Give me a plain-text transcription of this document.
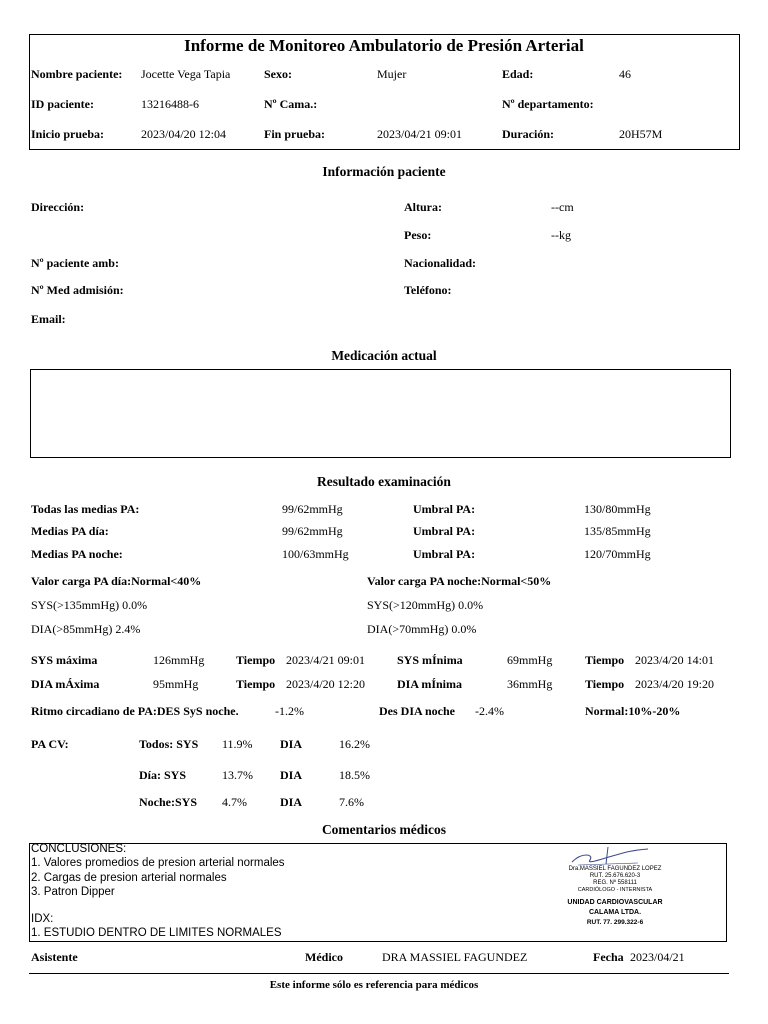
Informe de Monitoreo Ambulatorio de Presión Arterial
Nombre paciente: Jocette Vega Tapia	Sexo:	Mujer	Edad:	46
ID paciente:	13216488-6	Nº Cama.:	Nº departamento:
Inicio prueba:	2023/04/20 12:04	Fin prueba:	2023/04/21 09:01	Duración:	20H57M
Información paciente
Dirección:	Altura:	--cm
Peso:	--kg
Nº paciente amb:	Nacionalidad:
Nº Med admisión:	Teléfono:
Email:
Medicación actual
Resultado examinación
Todas las medias PA:	99/62mmHg	Umbral PA:	130/80mmHg
Medias PA día:	99/62mmHg	Umbral PA:	135/85mmHg
Medias PA noche:	100/63mmHg	Umbral PA:	120/70mmHg
Valor carga PA día:Normal<40%	Valor carga PA noche:Normal<50%
SYS(>135mmHg) 0.0%	SYS(>120mmHg) 0.0%
DIA(>85mmHg) 2.4%	DIA(>70mmHg) 0.0%
SYS máxima	126mmHg	Tiempo 2023/4/21 09:01	SYS mÍnima	69mmHg	Tiempo 2023/4/20 14:01
DIA mÁxima	95mmHg	Tiempo 2023/4/20 12:20	DIA mÍnima	36mmHg	Tiempo 2023/4/20 19:20
Ritmo circadiano de PA:DES SyS noche.	-1.2%	Des DIA noche -2.4%	Normal:10%-20%
PA CV:	Todos: SYS 11.9% DIA	16.2%
Día: SYS	13.7% DIA	18.5%
Noche:SYS 4.7%	DIA	7.6%
Comentarios médicos
CONCLUSIONES:
1. Valores promedios de presion arterial normales
2. Cargas de presion arterial normales
3. Patron Dipper
IDX:
1. ESTUDIO DENTRO DE LIMITES NORMALES
Dra.MASSIEL FAGUNDEZ LOPEZ
RUT. 25.676.620-3
REG. Nº 558111
CARDIÓLOGO - INTERNISTA
UNIDAD CARDIOVASCULAR
CALAMA LTDA.
RUT. 77. 299.322-6
Asistente	Médico	DRA MASSIEL FAGUNDEZ	Fecha 2023/04/21
Este informe sólo es referencia para médicos
